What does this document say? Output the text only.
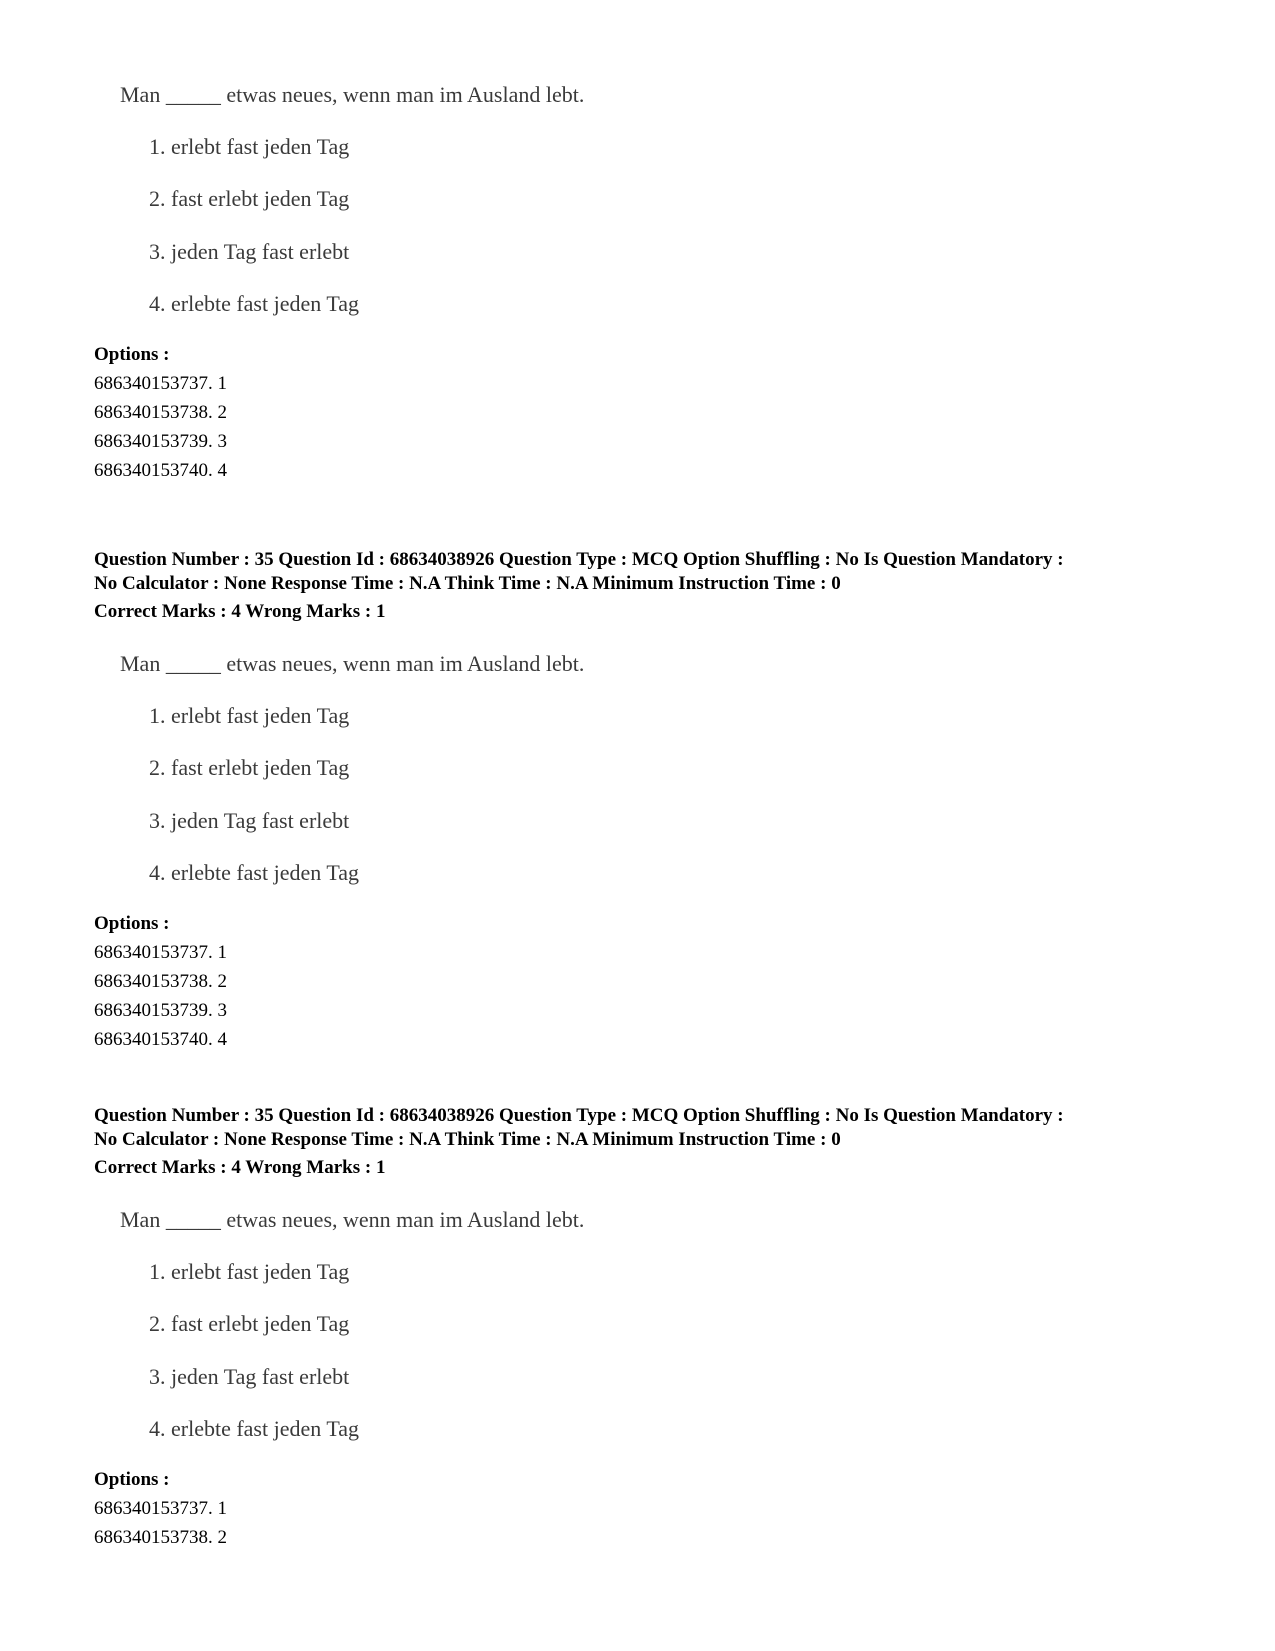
Man _____ etwas neues, wenn man im Ausland lebt.
1. erlebt fast jeden Tag
2. fast erlebt jeden Tag
3. jeden Tag fast erlebt
4. erlebte fast jeden Tag
Options :
686340153737. 1
686340153738. 2
686340153739. 3
686340153740. 4
Question Number : 35 Question Id : 68634038926 Question Type : MCQ Option Shuffling : No Is Question Mandatory :
No Calculator : None Response Time : N.A Think Time : N.A Minimum Instruction Time : 0
Correct Marks : 4 Wrong Marks : 1
Man _____ etwas neues, wenn man im Ausland lebt.
1. erlebt fast jeden Tag
2. fast erlebt jeden Tag
3. jeden Tag fast erlebt
4. erlebte fast jeden Tag
Options :
686340153737. 1
686340153738. 2
686340153739. 3
686340153740. 4
Question Number : 35 Question Id : 68634038926 Question Type : MCQ Option Shuffling : No Is Question Mandatory :
No Calculator : None Response Time : N.A Think Time : N.A Minimum Instruction Time : 0
Correct Marks : 4 Wrong Marks : 1
Man _____ etwas neues, wenn man im Ausland lebt.
1. erlebt fast jeden Tag
2. fast erlebt jeden Tag
3. jeden Tag fast erlebt
4. erlebte fast jeden Tag
Options :
686340153737. 1
686340153738. 2
